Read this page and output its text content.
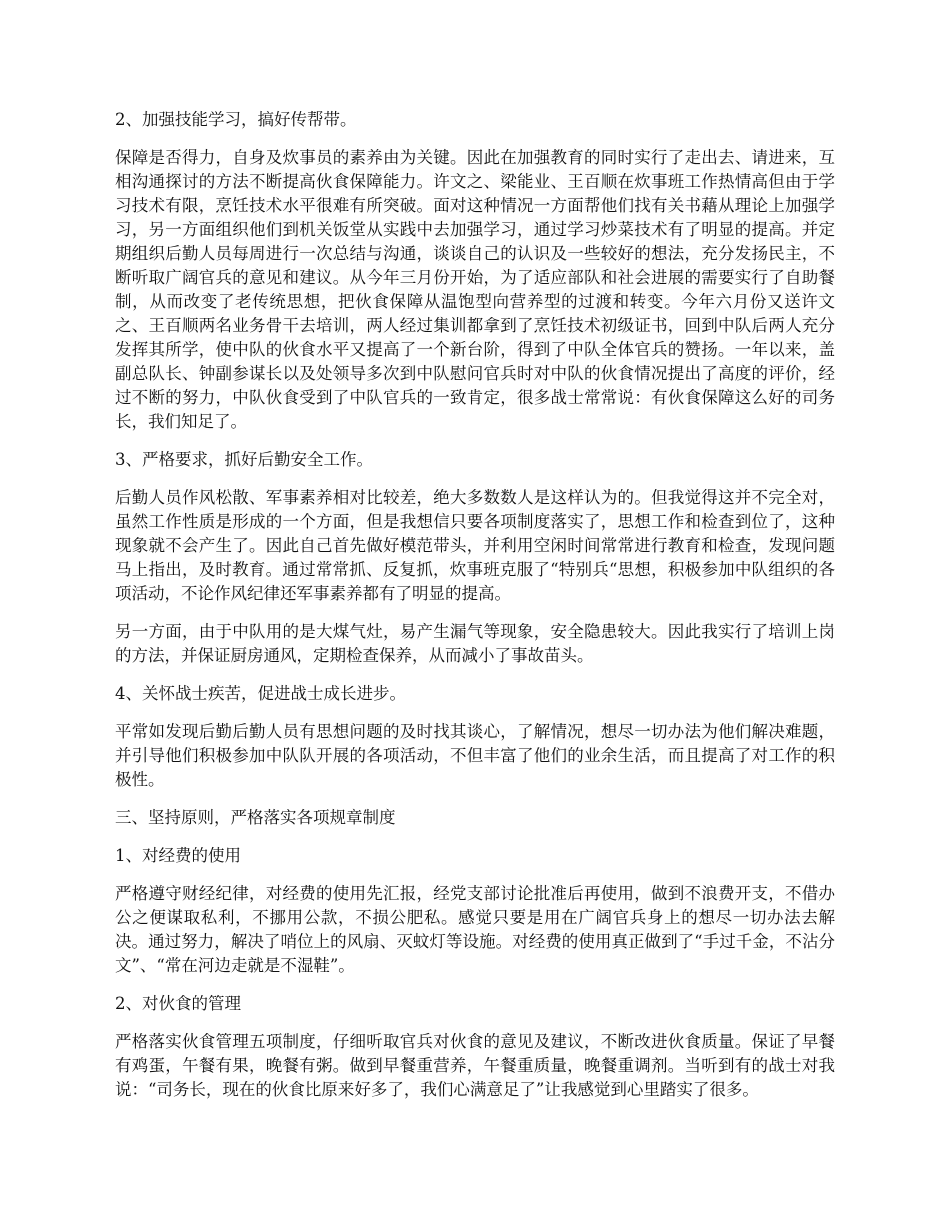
2、加强技能学习，搞好传帮带。

保障是否得力，自身及炊事员的素养由为关键。因此在加强教育的同时实行了走出去、请进来，互相沟通探讨的方法不断提高伙食保障能力。许文之、梁能业、王百顺在炊事班工作热情高但由于学习技术有限，烹饪技术水平很难有所突破。面对这种情况一方面帮他们找有关书藉从理论上加强学习，另一方面组织他们到机关饭堂从实践中去加强学习，通过学习炒菜技术有了明显的提高。并定期组织后勤人员每周进行一次总结与沟通，谈谈自己的认识及一些较好的想法，充分发扬民主，不断听取广阔官兵的意见和建议。从今年三月份开始，为了适应部队和社会进展的需要实行了自助餐制，从而改变了老传统思想，把伙食保障从温饱型向营养型的过渡和转变。今年六月份又送许文之、王百顺两名业务骨干去培训，两人经过集训都拿到了烹饪技术初级证书，回到中队后两人充分发挥其所学，使中队的伙食水平又提高了一个新台阶，得到了中队全体官兵的赞扬。一年以来，盖副总队长、钟副参谋长以及处领导多次到中队慰问官兵时对中队的伙食情况提出了高度的评价，经过不断的努力，中队伙食受到了中队官兵的一致肯定，很多战士常常说：有伙食保障这么好的司务长，我们知足了。

3、严格要求，抓好后勤安全工作。

后勤人员作风松散、军事素养相对比较差，绝大多数数人是这样认为的。但我觉得这并不完全对，虽然工作性质是形成的一个方面，但是我想信只要各项制度落实了，思想工作和检查到位了，这种现象就不会产生了。因此自己首先做好模范带头，并利用空闲时间常常进行教育和检查，发现问题马上指出，及时教育。通过常常抓、反复抓，炊事班克服了“特别兵“思想，积极参加中队组织的各项活动，不论作风纪律还军事素养都有了明显的提高。

另一方面，由于中队用的是大煤气灶，易产生漏气等现象，安全隐患较大。因此我实行了培训上岗的方法，并保证厨房通风，定期检查保养，从而减小了事故苗头。

4、关怀战士疾苦，促进战士成长进步。

平常如发现后勤后勤人员有思想问题的及时找其谈心，了解情况，想尽一切办法为他们解决难题，并引导他们积极参加中队队开展的各项活动，不但丰富了他们的业余生活，而且提高了对工作的积极性。

三、坚持原则，严格落实各项规章制度

1、对经费的使用

严格遵守财经纪律，对经费的使用先汇报，经党支部讨论批准后再使用，做到不浪费开支，不借办公之便谋取私利，不挪用公款，不损公肥私。感觉只要是用在广阔官兵身上的想尽一切办法去解决。通过努力，解决了哨位上的风扇、灭蚊灯等设施。对经费的使用真正做到了“手过千金，不沾分文”、“常在河边走就是不湿鞋”。

2、对伙食的管理

严格落实伙食管理五项制度，仔细听取官兵对伙食的意见及建议，不断改进伙食质量。保证了早餐有鸡蛋，午餐有果，晚餐有粥。做到早餐重营养，午餐重质量，晚餐重调剂。当听到有的战士对我说：“司务长，现在的伙食比原来好多了，我们心满意足了”让我感觉到心里踏实了很多。
